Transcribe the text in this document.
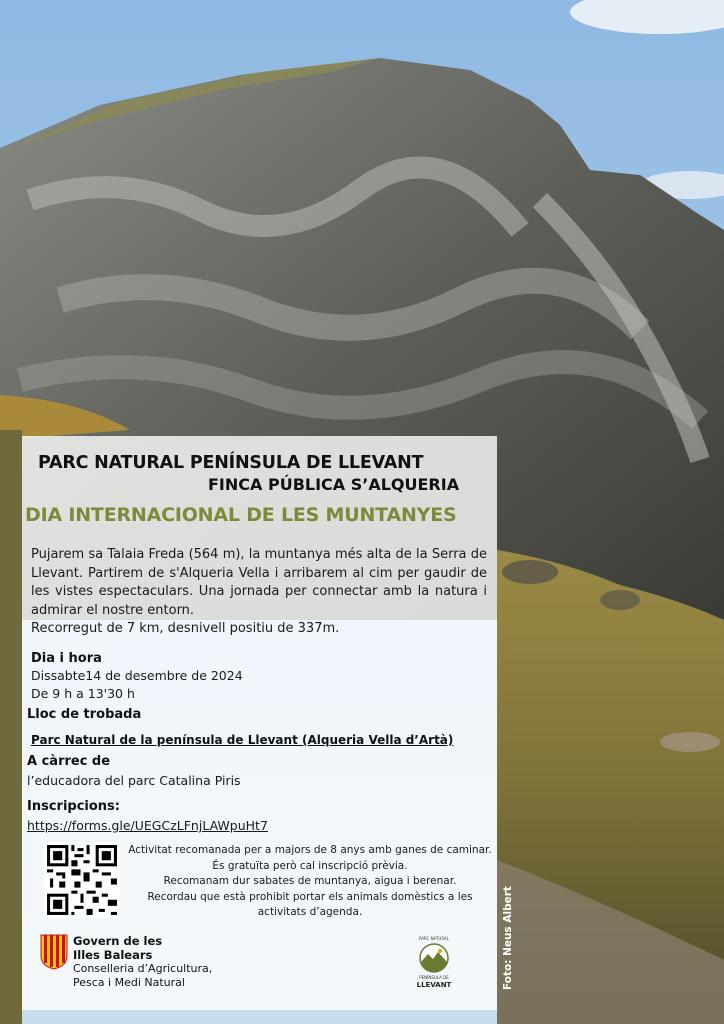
PARC NATURAL PENÍNSULA DE LLEVANT
FINCA PÚBLICA S’ALQUERIA
DIA INTERNACIONAL DE LES MUNTANYES

Pujarem sa Talaia Freda (564 m), la muntanya més alta de la Serra de Llevant. Partirem de s'Alqueria Vella i arribarem al cim per gaudir de les vistes espectaculars. Una jornada per connectar amb la natura i admirar el nostre entorn.

Recorregut de 7 km, desnivell positiu de 337m.

Dia i hora
Dissabte14 de desembre de 2024
De 9 h a 13'30 h
Lloc de trobada
Parc Natural de la península de Llevant (Alqueria Vella d’Artà)
A càrrec de
l’educadora del parc Catalina Piris
Inscripcions:
https://forms.gle/UEGCzLFnjLAWpuHt7
Activitat recomanada per a majors de 8 anys amb ganes de caminar.
És gratuïta però cal inscripció prèvia.
Recomanam dur sabates de muntanya, aigua i berenar.
Recordau que està prohibit portar els animals domèstics a les
activitats d’agenda.
Govern de les
Illes Balears
Conselleria d’Agricultura,
Pesca i Medi Natural
PARC NATURAL
PENÍNSULA DE
LLEVANT	Foto: Neus Albert
